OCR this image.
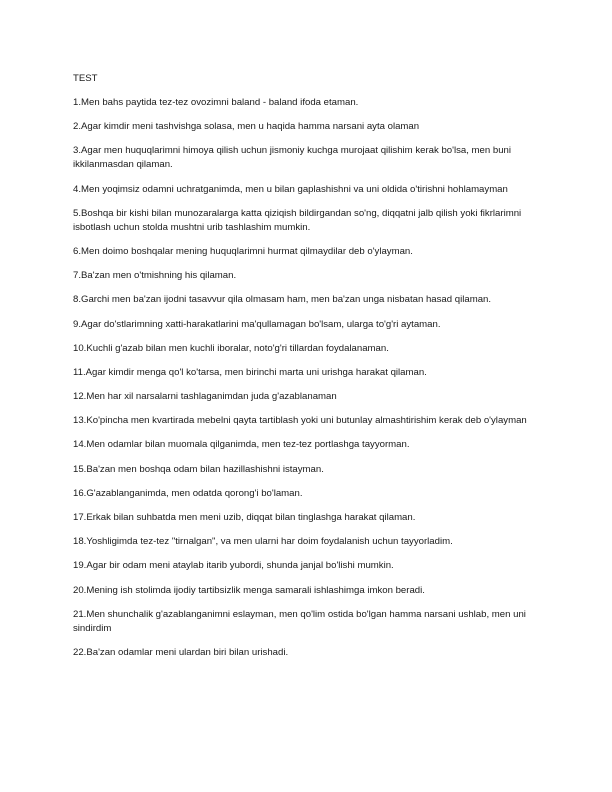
TEST

1.Men bahs paytida tez-tez ovozimni baland - baland ifoda etaman.

2.Agar kimdir meni tashvishga solasa, men u haqida hamma narsani ayta olaman

3.Agar men huquqlarimni himoya qilish uchun jismoniy kuchga murojaat qilishim kerak bo'lsa, men buni ikkilanmasdan qilaman.

4.Men yoqimsiz odamni uchratganimda, men u bilan gaplashishni va uni oldida o'tirishni hohlamayman

5.Boshqa bir kishi bilan munozaralarga katta qiziqish bildirgandan so'ng, diqqatni jalb qilish yoki fikrlarimni isbotlash uchun stolda mushtni urib tashlashim mumkin.

6.Men doimo boshqalar mening huquqlarimni hurmat qilmaydilar deb o'ylayman.

7.Ba'zan men o'tmishning his qilaman.

8.Garchi men ba'zan ijodni tasavvur qila olmasam ham, men ba'zan unga nisbatan hasad qilaman.

9.Agar do'stlarimning xatti-harakatlarini ma'qullamagan bo'lsam, ularga to'g'ri aytaman.

10.Kuchli g'azab bilan men kuchli iboralar, noto'g'ri tillardan foydalanaman.

11.Agar kimdir menga qo'l ko'tarsa, men birinchi marta uni urishga harakat qilaman.

12.Men har xil narsalarni tashlaganimdan juda g'azablanaman

13.Ko'pincha men kvartirada mebelni qayta tartiblash yoki uni butunlay almashtirishim kerak deb o'ylayman

14.Men odamlar bilan muomala qilganimda, men tez-tez portlashga tayyorman.

15.Ba'zan men boshqa odam bilan hazillashishni istayman.

16.G'azablanganimda, men odatda qorong'i bo'laman.

17.Erkak bilan suhbatda men meni uzib, diqqat bilan tinglashga harakat qilaman.

18.Yoshligimda tez-tez "tirnalgan", va men ularni har doim foydalanish uchun tayyorladim.

19.Agar bir odam meni ataylab itarib yubordi, shunda janjal bo'lishi mumkin.

20.Mening ish stolimda ijodiy tartibsizlik menga samarali ishlashimga imkon beradi.

21.Men shunchalik g'azablanganimni eslayman, men qo'lim ostida bo'lgan hamma narsani ushlab, men uni sindirdim

22.Ba'zan odamlar meni ulardan biri bilan urishadi.
